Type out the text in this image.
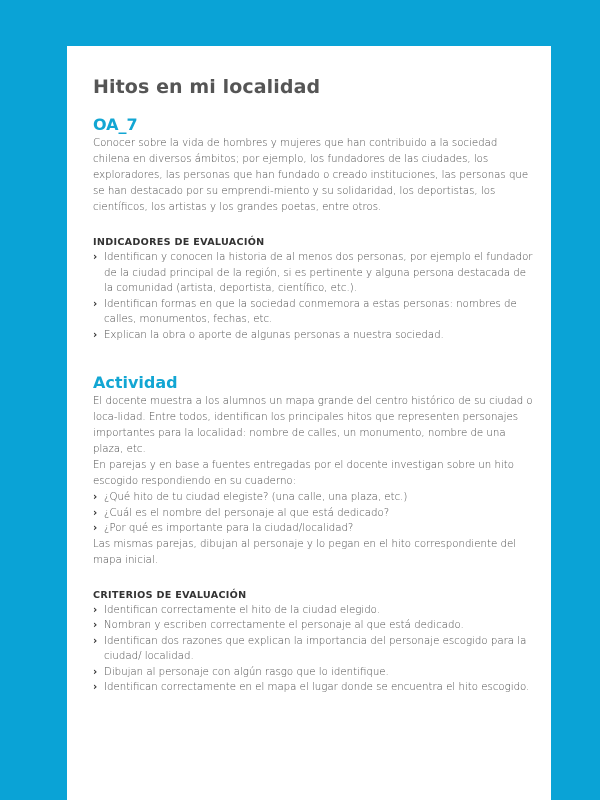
Hitos en mi localidad
OA_7

Conocer sobre la vida de hombres y mujeres que han contribuido a la sociedad chilena en diversos ámbitos; por ejemplo, los fundadores de las ciudades, los exploradores, las personas que han fundado o creado instituciones, las personas que se han destacado por su emprendi-miento y su solidaridad, los deportistas, los científicos, los artistas y los grandes poetas, entre otros.

INDICADORES DE EVALUACIÓN
› Identifican y conocen la historia de al menos dos personas, por ejemplo el fundador de la ciudad principal de la región, si es pertinente y alguna persona destacada de la comunidad (artista, deportista, científico, etc.).
› Identifican formas en que la sociedad conmemora a estas personas: nombres de calles, monumentos, fechas, etc.
› Explican la obra o aporte de algunas personas a nuestra sociedad.
Actividad

El docente muestra a los alumnos un mapa grande del centro histórico de su ciudad o loca-lidad. Entre todos, identifican los principales hitos que representen personajes importantes para la localidad: nombre de calles, un monumento, nombre de una plaza, etc.

En parejas y en base a fuentes entregadas por el docente investigan sobre un hito escogido respondiendo en su cuaderno:

› ¿Qué hito de tu ciudad elegiste? (una calle, una plaza, etc.)
› ¿Cuál es el nombre del personaje al que está dedicado?
› ¿Por qué es importante para la ciudad/localidad?

Las mismas parejas, dibujan al personaje y lo pegan en el hito correspondiente del mapa inicial.

CRITERIOS DE EVALUACIÓN
› Identifican correctamente el hito de la ciudad elegido.
› Nombran y escriben correctamente el personaje al que está dedicado.
› Identifican dos razones que explican la importancia del personaje escogido para la ciudad/ localidad.
› Dibujan al personaje con algún rasgo que lo identifique.
› Identifican correctamente en el mapa el lugar donde se encuentra el hito escogido.
